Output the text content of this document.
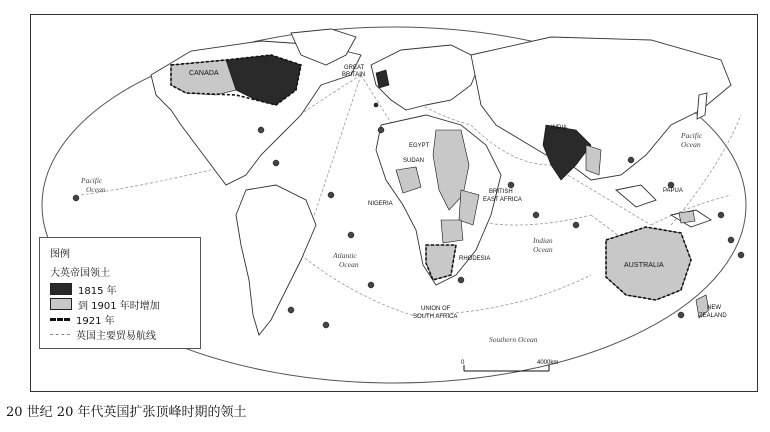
CANADA
GREAT
BRITAIN
EGYPT
SUDAN
INDIA
NIGERIA
BRITISH
EAST AFRICA
RHODESIA
UNION OF
SOUTH AFRICA
PAPUA
AUSTRALIA
NEW
ZEALAND
Pacific
Ocean
Pacific
Ocean
Atlantic
Ocean
Indian
Ocean
Southern Ocean
0	4000km
图例
大英帝国领土
1815 年
到 1901 年时增加
1921 年
英国主要贸易航线
20 世纪 20 年代英国扩张顶峰时期的领土
